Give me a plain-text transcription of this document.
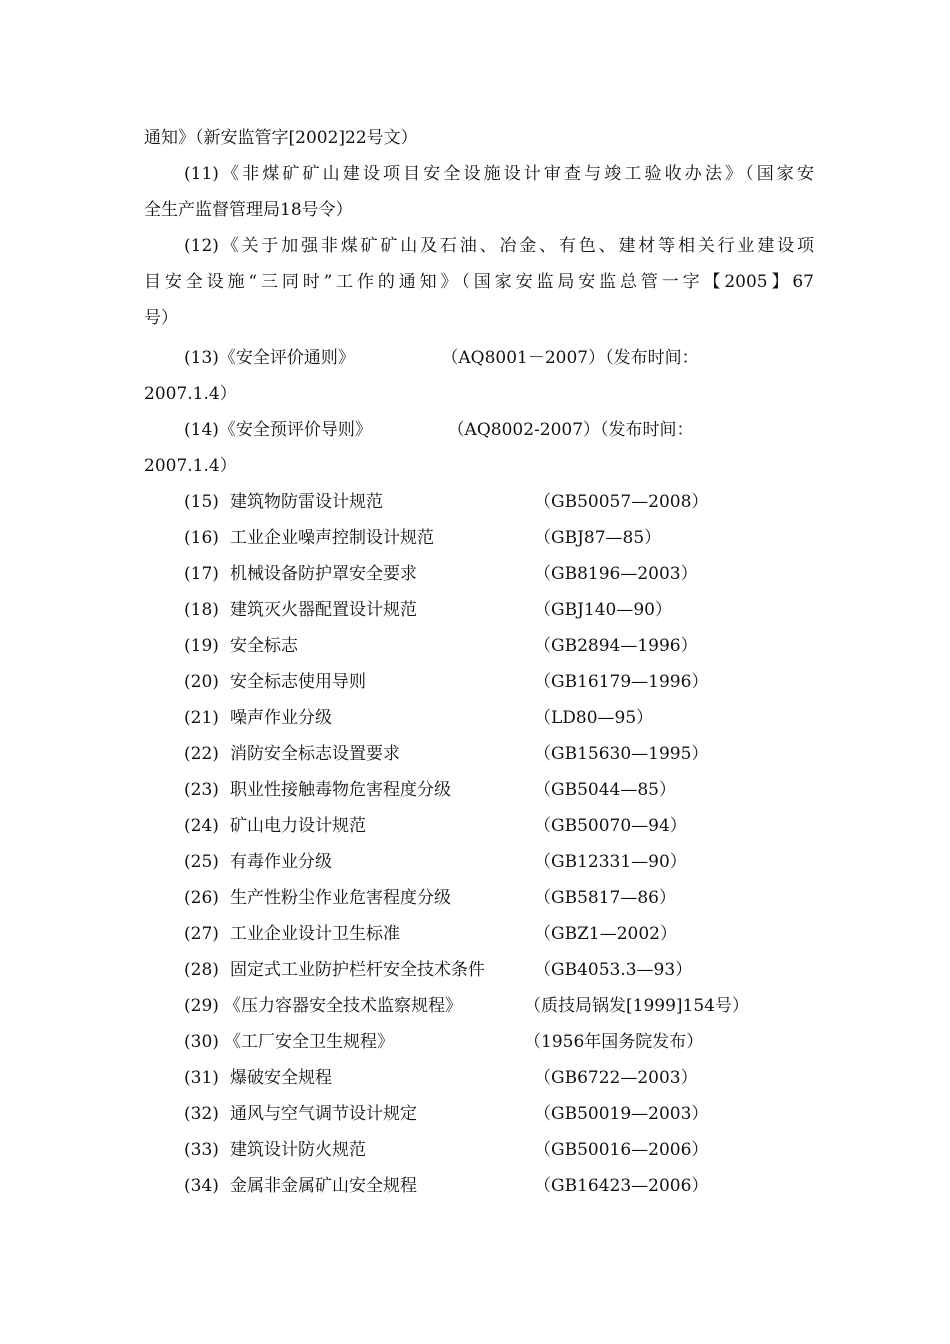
通知》（新安监管字[2002]22号文）
(11)《非煤矿矿山建设项目安全设施设计审查与竣工验收办法》（国家安
全生产监督管理局18号令）
(12)《关于加强非煤矿矿山及石油、冶金、有色、建材等相关行业建设项
目安全设施“三同时”工作的通知》（国家安监局安监总管一字【2005】67
号）
(13)《安全评价通则》                （AQ8001－2007）（发布时间：
2007.1.4）
(14)《安全预评价导则》              （AQ8002-2007）（发布时间：
2007.1.4）
(15) 建筑物防雷设计规范	（GB50057—2008）
(16) 工业企业噪声控制设计规范	（GBJ87—85）
(17) 机械设备防护罩安全要求	（GB8196—2003）
(18) 建筑灭火器配置设计规范	（GBJ140—90）
(19) 安全标志	（GB2894—1996）
(20) 安全标志使用导则	（GB16179—1996）
(21) 噪声作业分级	（LD80—95）
(22) 消防安全标志设置要求	（GB15630—1995）
(23) 职业性接触毒物危害程度分级	（GB5044—85）
(24) 矿山电力设计规范	（GB50070—94）
(25) 有毒作业分级	（GB12331—90）
(26) 生产性粉尘作业危害程度分级	（GB5817—86）
(27) 工业企业设计卫生标准	（GBZ1—2002）
(28) 固定式工业防护栏杆安全技术条件	（GB4053.3—93）
(29) 《压力容器安全技术监察规程》	（质技局锅发[1999]154号）
(30) 《工厂安全卫生规程》	（1956年国务院发布）
(31) 爆破安全规程	（GB6722—2003）
(32) 通风与空气调节设计规定	（GB50019—2003）
(33) 建筑设计防火规范	（GB50016—2006）
(34) 金属非金属矿山安全规程	（GB16423—2006）
